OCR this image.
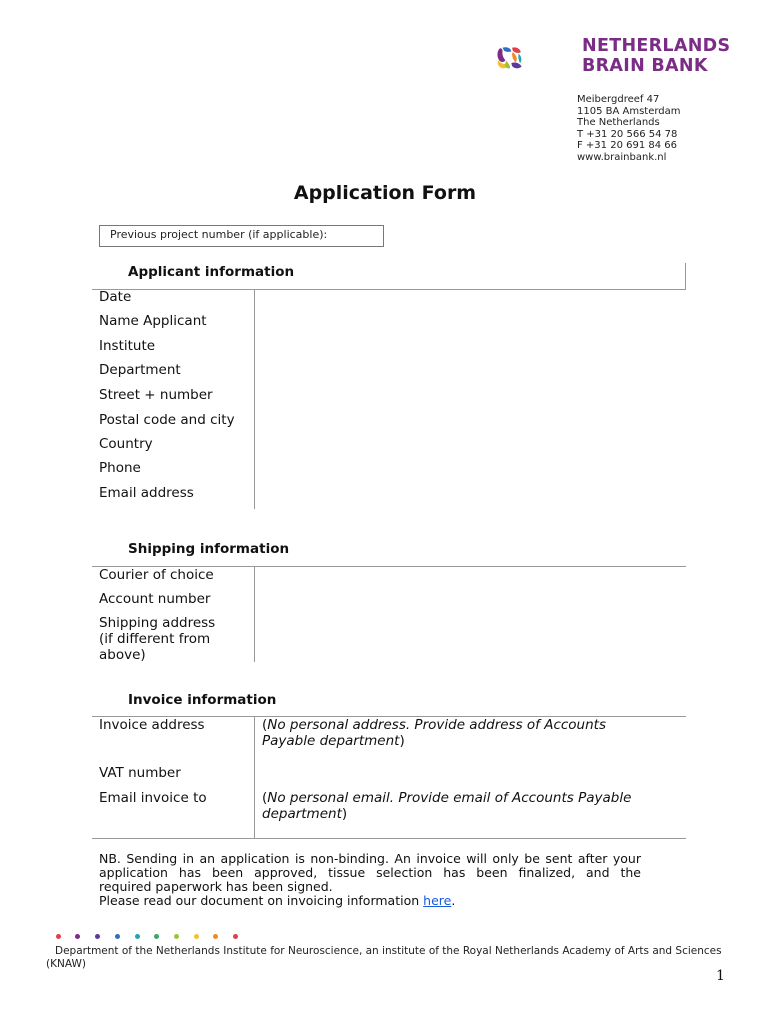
NETHERLANDS
BRAIN BANK
Meibergdreef 47
1105 BA Amsterdam
The Netherlands
T +31 20 566 54 78
F +31 20 691 84 66
www.brainbank.nl
Application Form
Previous project number (if applicable):
Applicant information
Date
Name Applicant
Institute
Department
Street + number
Postal code and city
Country
Phone
Email address
Shipping information
Courier of choice
Account number
Shipping address
(if different from
above)
Invoice information
Invoice address	(No personal address. Provide address of Accounts
Payable department)
VAT number
Email invoice to	(No personal email. Provide email of Accounts Payable
department)
NB. Sending in an application is non-binding. An invoice will only be sent after your
application has been approved, tissue selection has been finalized, and the
required paperwork has been signed.
Please read our document on invoicing information here.
Department of the Netherlands Institute for Neuroscience, an institute of the Royal Netherlands Academy of Arts and Sciences
(KNAW)
1
